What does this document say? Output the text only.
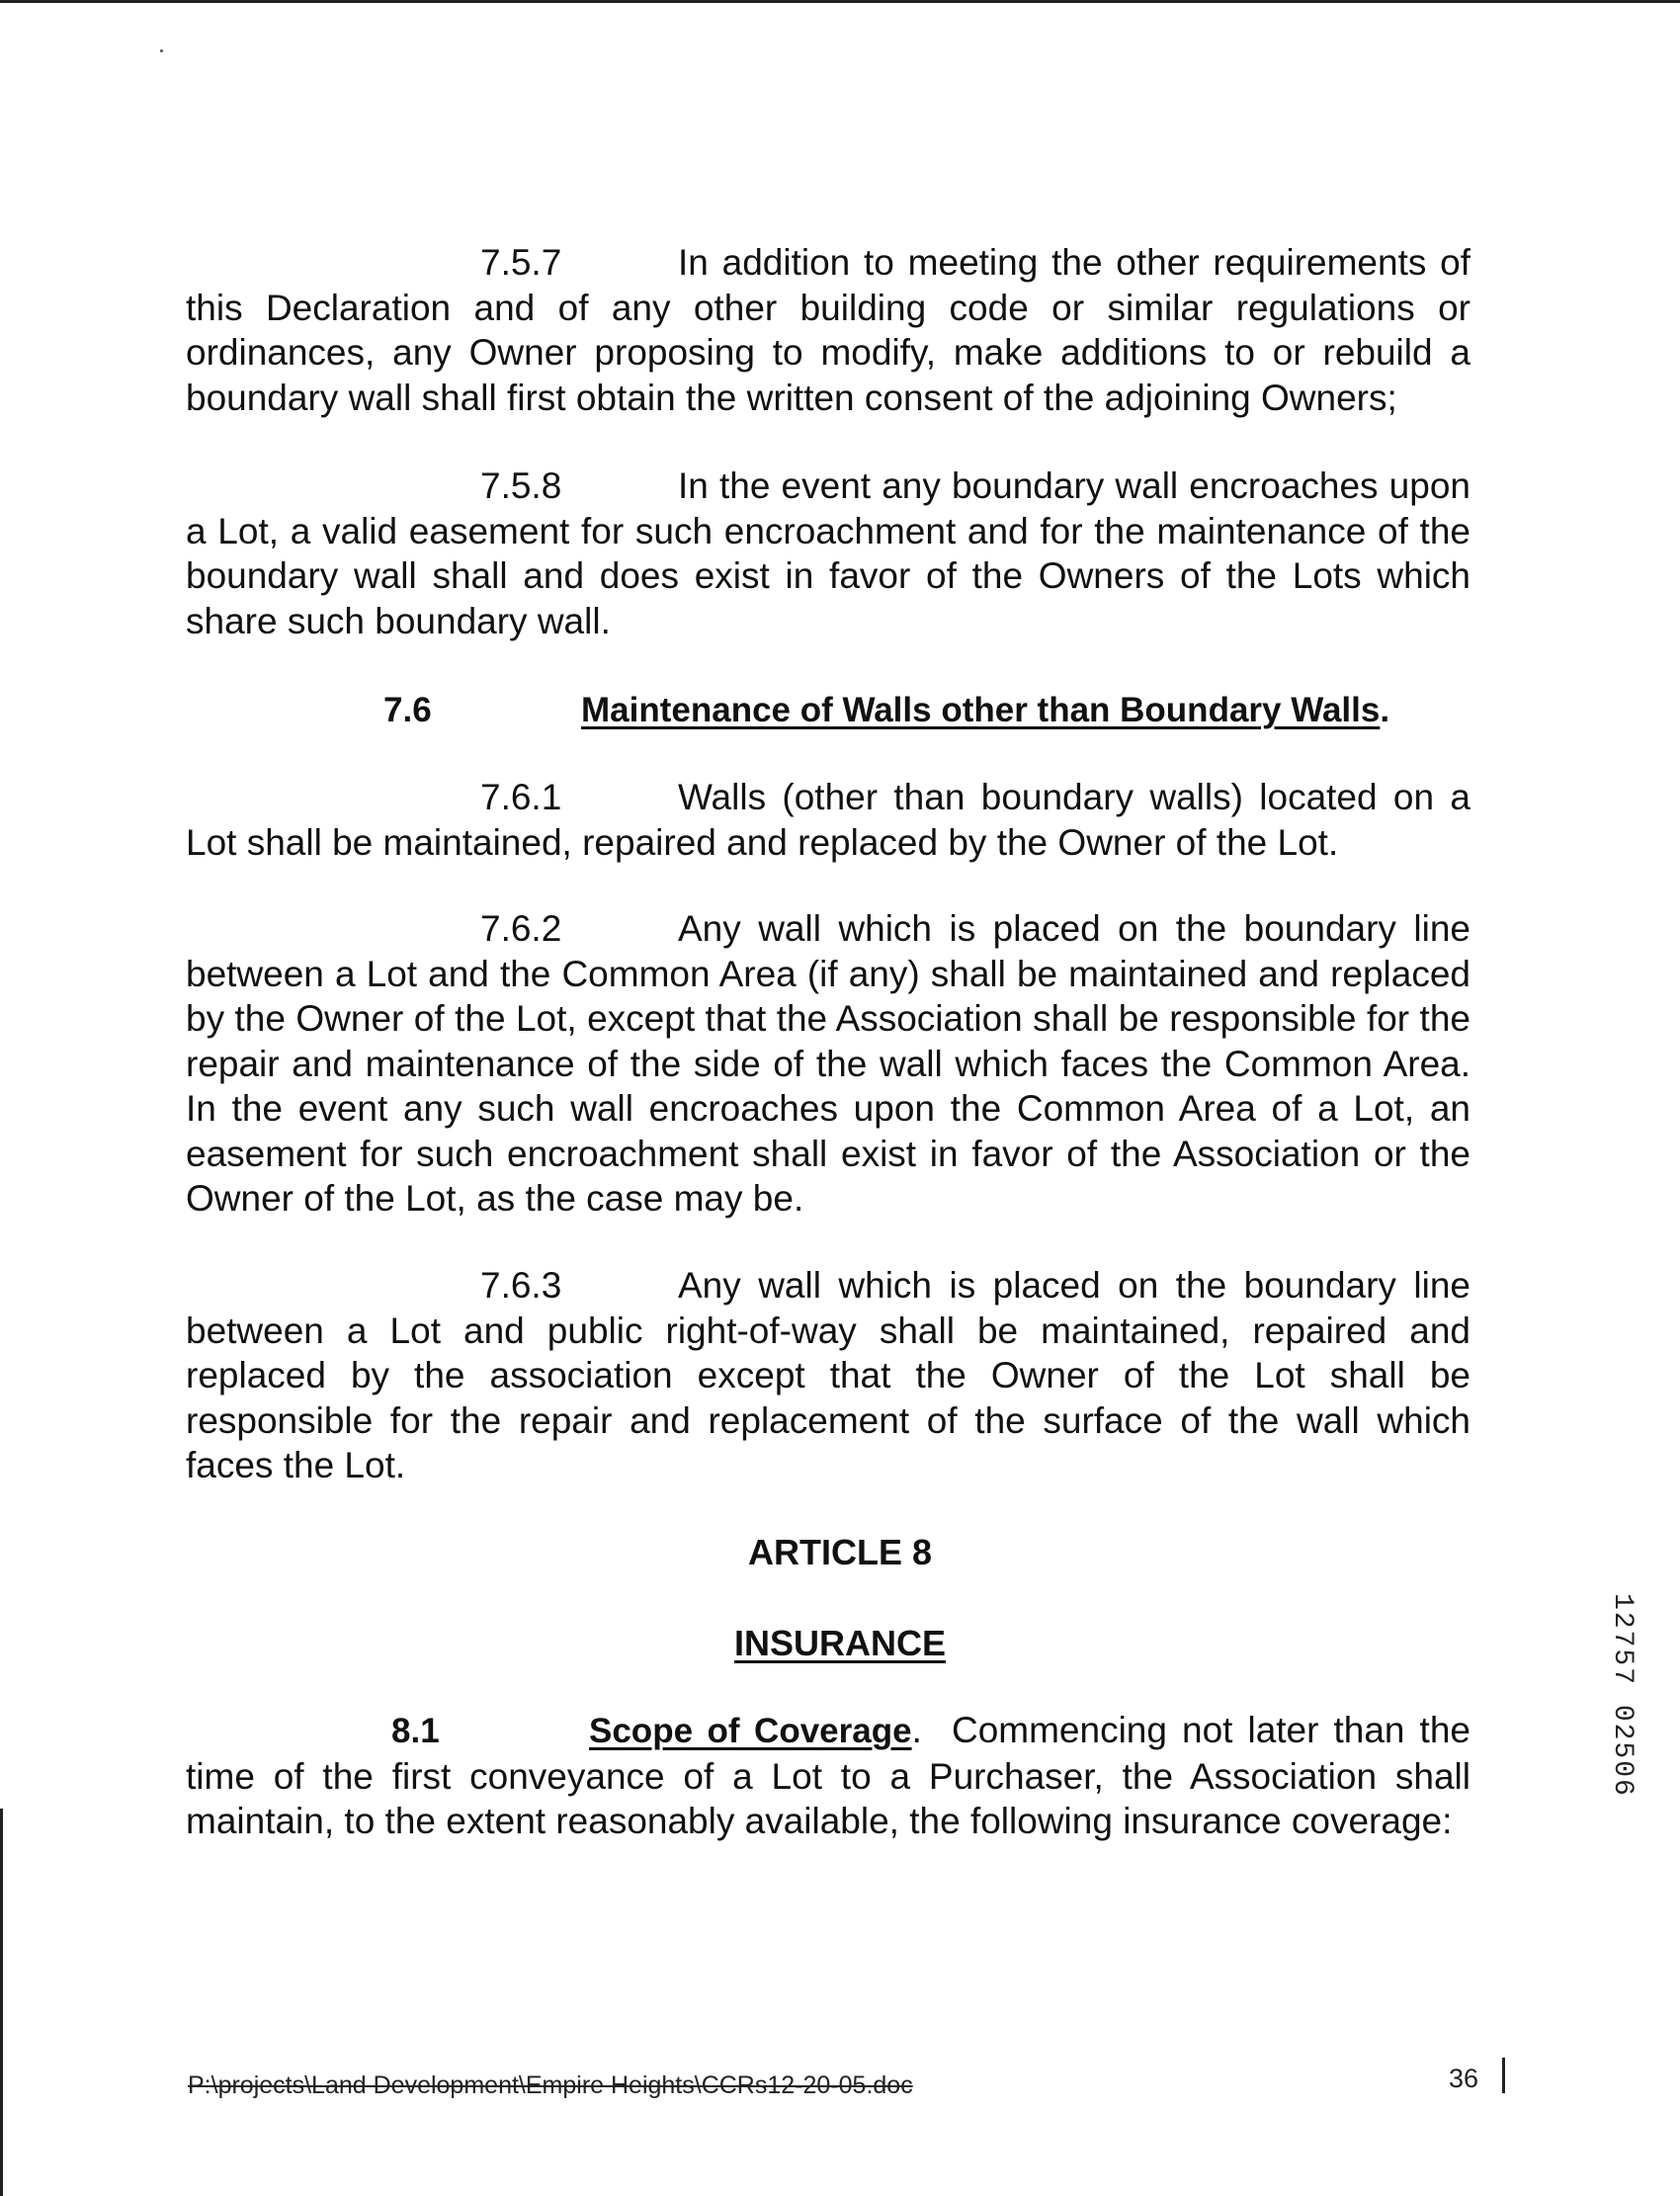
7.5.7	In addition to meeting the other requirements of this Declaration and of any other building code or similar regulations or ordinances, any Owner proposing to modify, make additions to or rebuild a boundary wall shall first obtain the written consent of the adjoining Owners;
7.5.8	In the event any boundary wall encroaches upon a Lot, a valid easement for such encroachment and for the maintenance of the boundary wall shall and does exist in favor of the Owners of the Lots which share such boundary wall.
7.6	Maintenance of Walls other than Boundary Walls.
7.6.1	Walls (other than boundary walls) located on a Lot shall be maintained, repaired and replaced by the Owner of the Lot.
7.6.2	Any wall which is placed on the boundary line between a Lot and the Common Area (if any) shall be maintained and replaced by the Owner of the Lot, except that the Association shall be responsible for the repair and maintenance of the side of the wall which faces the Common Area. In the event any such wall encroaches upon the Common Area of a Lot, an easement for such encroachment shall exist in favor of the Association or the Owner of the Lot, as the case may be.
7.6.3	Any wall which is placed on the boundary line between a Lot and public right-of-way shall be maintained, repaired and replaced by the association except that the Owner of the Lot shall be responsible for the repair and replacement of the surface of the wall which faces the Lot.
ARTICLE 8
INSURANCE
8.1	Scope of Coverage. Commencing not later than the time of the first conveyance of a Lot to a Purchaser, the Association shall maintain, to the extent reasonably available, the following insurance coverage:
12757 02506
P:\projects\Land Development\Empire Heights\CCRs12-20-05.doc	36
